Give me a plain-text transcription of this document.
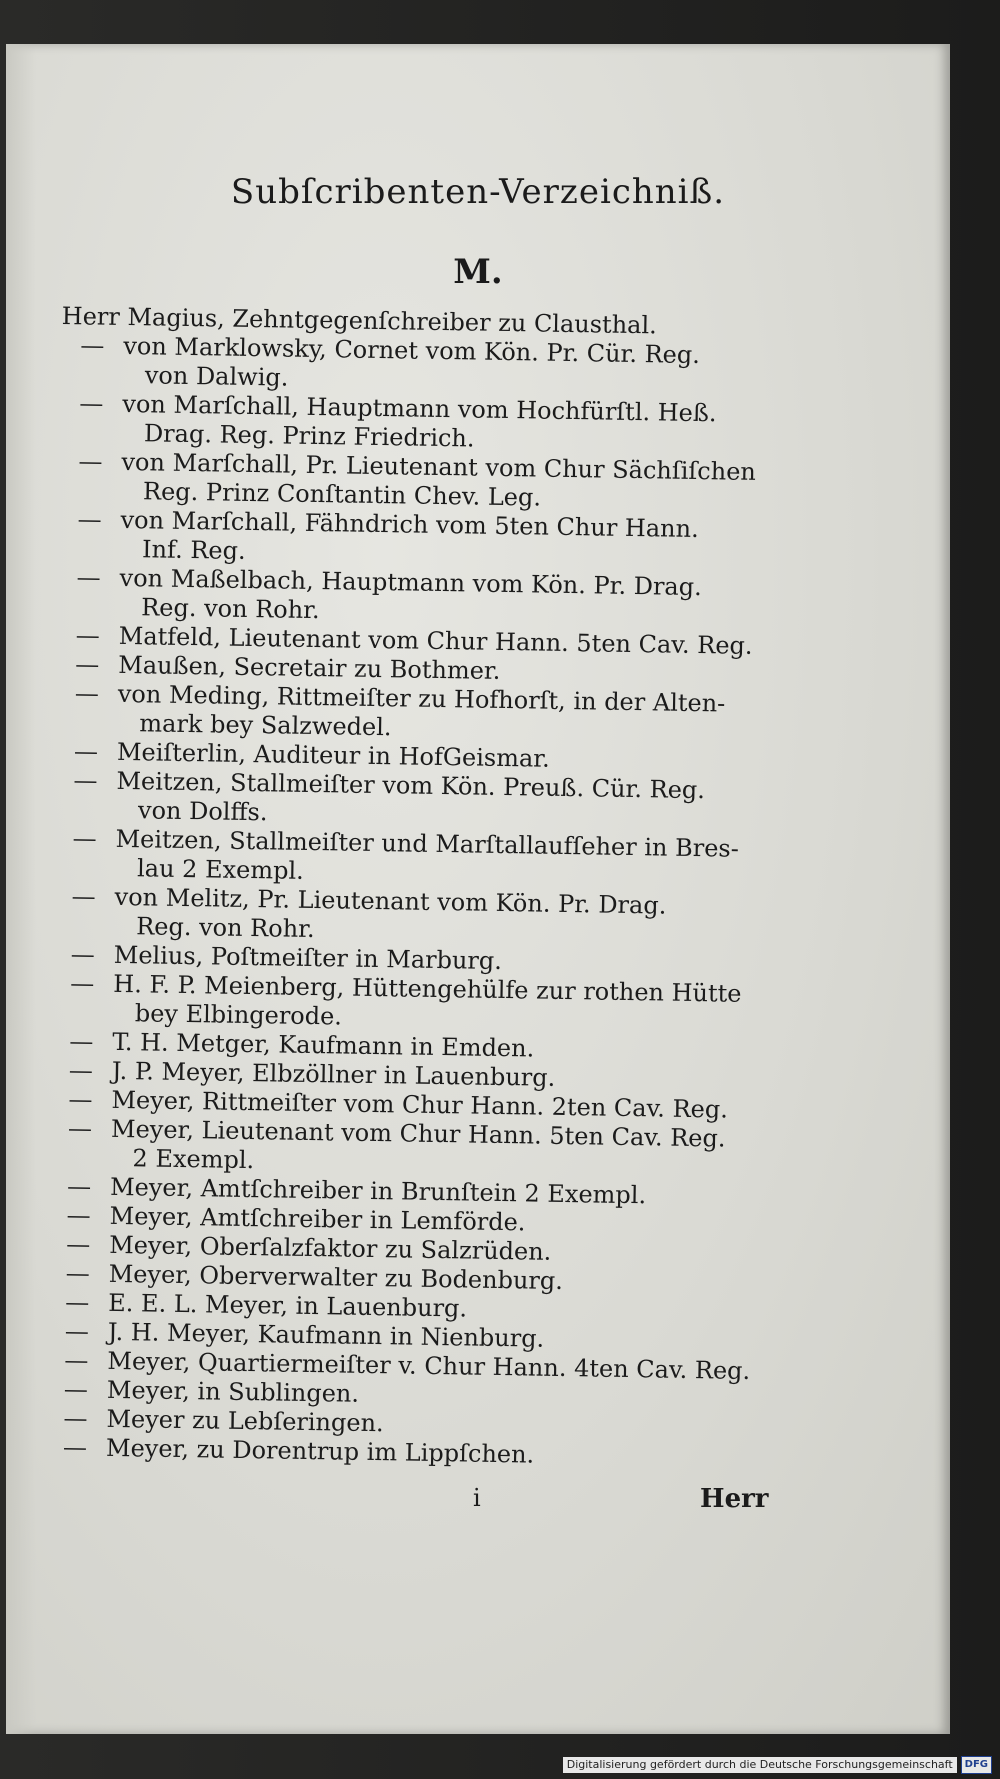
Subſcribenten-Verzeichniß.
M.
Herr Magius, Zehntgegenſchreiber zu Clausthal.
— von Marklowsky, Cornet vom Kön. Pr. Cür. Reg.
von Dalwig.
— von Marſchall, Hauptmann vom Hochfürſtl. Heß.
Drag. Reg. Prinz Friedrich.
— von Marſchall, Pr. Lieutenant vom Chur Sächſiſchen
Reg. Prinz Conſtantin Chev. Leg.
— von Marſchall, Fähndrich vom 5ten Chur Hann.
Inf. Reg.
— von Maßelbach, Hauptmann vom Kön. Pr. Drag.
Reg. von Rohr.
— Matfeld, Lieutenant vom Chur Hann. 5ten Cav. Reg.
— Maußen, Secretair zu Bothmer.
— von Meding, Rittmeiſter zu Hofhorſt, in der Alten-
mark bey Salzwedel.
— Meiſterlin, Auditeur in HofGeismar.
— Meitzen, Stallmeiſter vom Kön. Preuß. Cür. Reg.
von Dolffs.
— Meitzen, Stallmeiſter und Marſtallaufſeher in Bres-
lau 2 Exempl.
— von Melitz, Pr. Lieutenant vom Kön. Pr. Drag.
Reg. von Rohr.
— Melius, Poſtmeiſter in Marburg.
— H. F. P. Meienberg, Hüttengehülfe zur rothen Hütte
bey Elbingerode.
— T. H. Metger, Kaufmann in Emden.
— J. P. Meyer, Elbzöllner in Lauenburg.
— Meyer, Rittmeiſter vom Chur Hann. 2ten Cav. Reg.
— Meyer, Lieutenant vom Chur Hann. 5ten Cav. Reg.
2 Exempl.
— Meyer, Amtſchreiber in Brunſtein 2 Exempl.
— Meyer, Amtſchreiber in Lemförde.
— Meyer, Oberſalzfaktor zu Salzrüden.
— Meyer, Oberverwalter zu Bodenburg.
— E. E. L. Meyer, in Lauenburg.
— J. H. Meyer, Kaufmann in Nienburg.
— Meyer, Quartiermeiſter v. Chur Hann. 4ten Cav. Reg.
— Meyer, in Sublingen.
— Meyer zu Lebſeringen.
— Meyer, zu Dorentrup im Lippſchen.
i	Herr
Digitalisierung gefördert durch die Deutsche Forschungsgemeinschaft	DFG
